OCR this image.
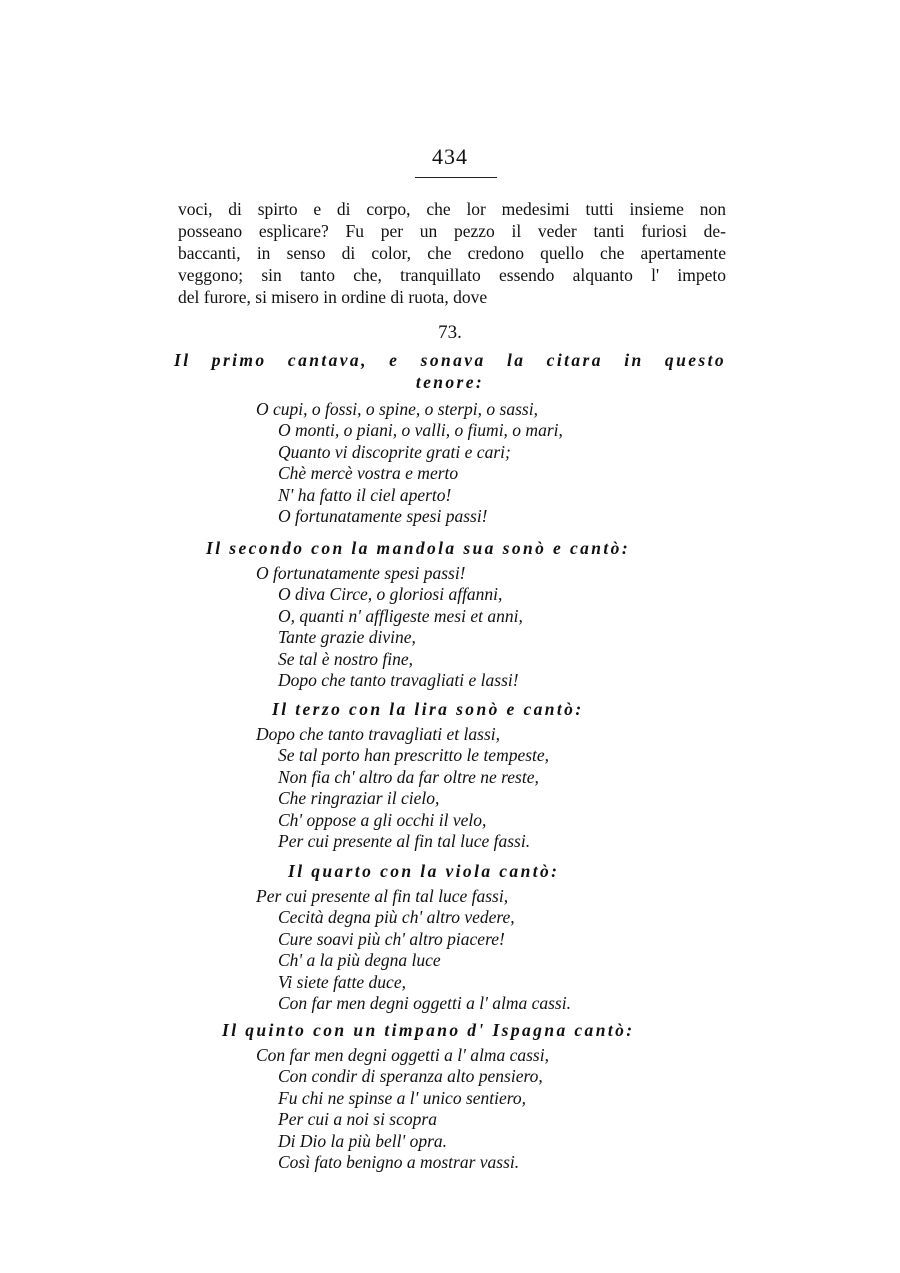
434
voci, di spirto e di corpo, che lor medesimi tutti insieme non
posseano esplicare? Fu per un pezzo il veder tanti furiosi de-
baccanti, in senso di color, che credono quello che apertamente
veggono; sin tanto che, tranquillato essendo alquanto l' impeto
del furore, si misero in ordine di ruota, dove
73.
Il primo cantava, e sonava la citara in questo
tenore:
O cupi, o fossi, o spine, o sterpi, o sassi,
O monti, o piani, o valli, o fiumi, o mari,
Quanto vi discoprite grati e cari;
Chè mercè vostra e merto
N' ha fatto il ciel aperto!
O fortunatamente spesi passi!
Il secondo con la mandola sua sonò e cantò:
O fortunatamente spesi passi!
O diva Circe, o gloriosi affanni,
O, quanti n' affligeste mesi et anni,
Tante grazie divine,
Se tal è nostro fine,
Dopo che tanto travagliati e lassi!
Il terzo con la lira sonò e cantò:
Dopo che tanto travagliati et lassi,
Se tal porto han prescritto le tempeste,
Non fia ch' altro da far oltre ne reste,
Che ringraziar il cielo,
Ch' oppose a gli occhi il velo,
Per cui presente al fin tal luce fassi.
Il quarto con la viola cantò:
Per cui presente al fin tal luce fassi,
Cecità degna più ch' altro vedere,
Cure soavi più ch' altro piacere!
Ch' a la più degna luce
Vi siete fatte duce,
Con far men degni oggetti a l' alma cassi.
Il quinto con un timpano d' Ispagna cantò:
Con far men degni oggetti a l' alma cassi,
Con condir di speranza alto pensiero,
Fu chi ne spinse a l' unico sentiero,
Per cui a noi si scopra
Di Dio la più bell' opra.
Così fato benigno a mostrar vassi.
